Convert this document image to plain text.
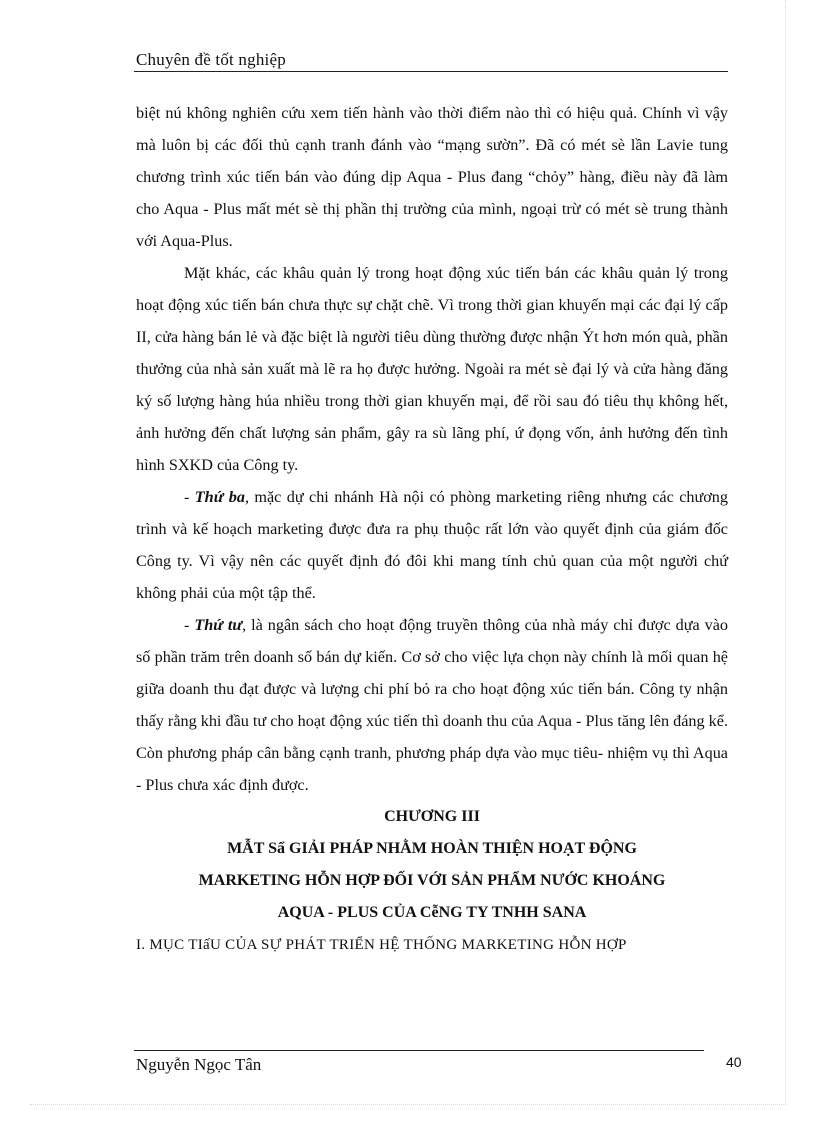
Chuyên đề tốt nghiệp

biệt nú không nghiên cứu xem tiến hành vào thời điểm nào thì có hiệu quả. Chính vì vậy mà luôn bị các đối thủ cạnh tranh đánh vào “mạng sườn”. Đã có mét sè lần Lavie tung chương trình xúc tiến bán vào đúng dịp Aqua - Plus đang “chỏy” hàng, điều này đã làm cho Aqua - Plus mất mét sè thị phần thị trường của mình, ngoại trừ có mét sè trung thành với Aqua-Plus.

Mặt khác, các khâu quản lý trong hoạt động xúc tiến bán các khâu quản lý trong hoạt động xúc tiến bán chưa thực sự chặt chẽ. Vì trong thời gian khuyến mại các đại lý cấp II, cửa hàng bán lẻ và đặc biệt là người tiêu dùng thường được nhận Ýt hơn món quà, phần thưởng của nhà sản xuất mà lẽ ra họ được hưởng. Ngoài ra mét sè đại lý và cửa hàng đăng ký số lượng hàng húa nhiều trong thời gian khuyến mại, để rồi sau đó tiêu thụ không hết, ảnh hưởng đến chất lượng sản phẩm, gây ra sù lãng phí, ứ đọng vốn, ảnh hưởng đến tình hình SXKD của Công ty.

- Thứ ba, mặc dự chi nhánh Hà nội có phòng marketing riêng nhưng các chương trình và kế hoạch marketing được đưa ra phụ thuộc rất lớn vào quyết định của giám đốc Công ty. Vì vậy nên các quyết định đó đôi khi mang tính chủ quan của một người chứ không phải của một tập thể.

- Thứ tư, là ngân sách cho hoạt động truyền thông của nhà máy chỉ được dựa vào số phần trăm trên doanh số bán dự kiến. Cơ sở cho việc lựa chọn này chính là mối quan hệ giữa doanh thu đạt được và lượng chi phí bỏ ra cho hoạt động xúc tiến bán. Công ty nhận thấy rằng khi đầu tư cho hoạt động xúc tiến thì doanh thu của Aqua - Plus tăng lên đáng kể. Còn phương pháp cân bằng cạnh tranh, phương pháp dựa vào mục tiêu- nhiệm vụ thì Aqua - Plus chưa xác định được.

CHƯƠNG III

MẪT Sẩ GIẢI PHÁP NHẰM HOÀN THIỆN HOẠT ĐỘNG

MARKETING HỖN HỢP ĐỐI VỚI SẢN PHẨM NƯỚC KHOÁNG

AQUA - PLUS CỦA CễNG TY TNHH SANA

I. MỤC TIấU CỦA SỰ PHÁT TRIỂN HỆ THỐNG MARKETING HỖN HỢP

Nguyễn Ngọc Tân	40
